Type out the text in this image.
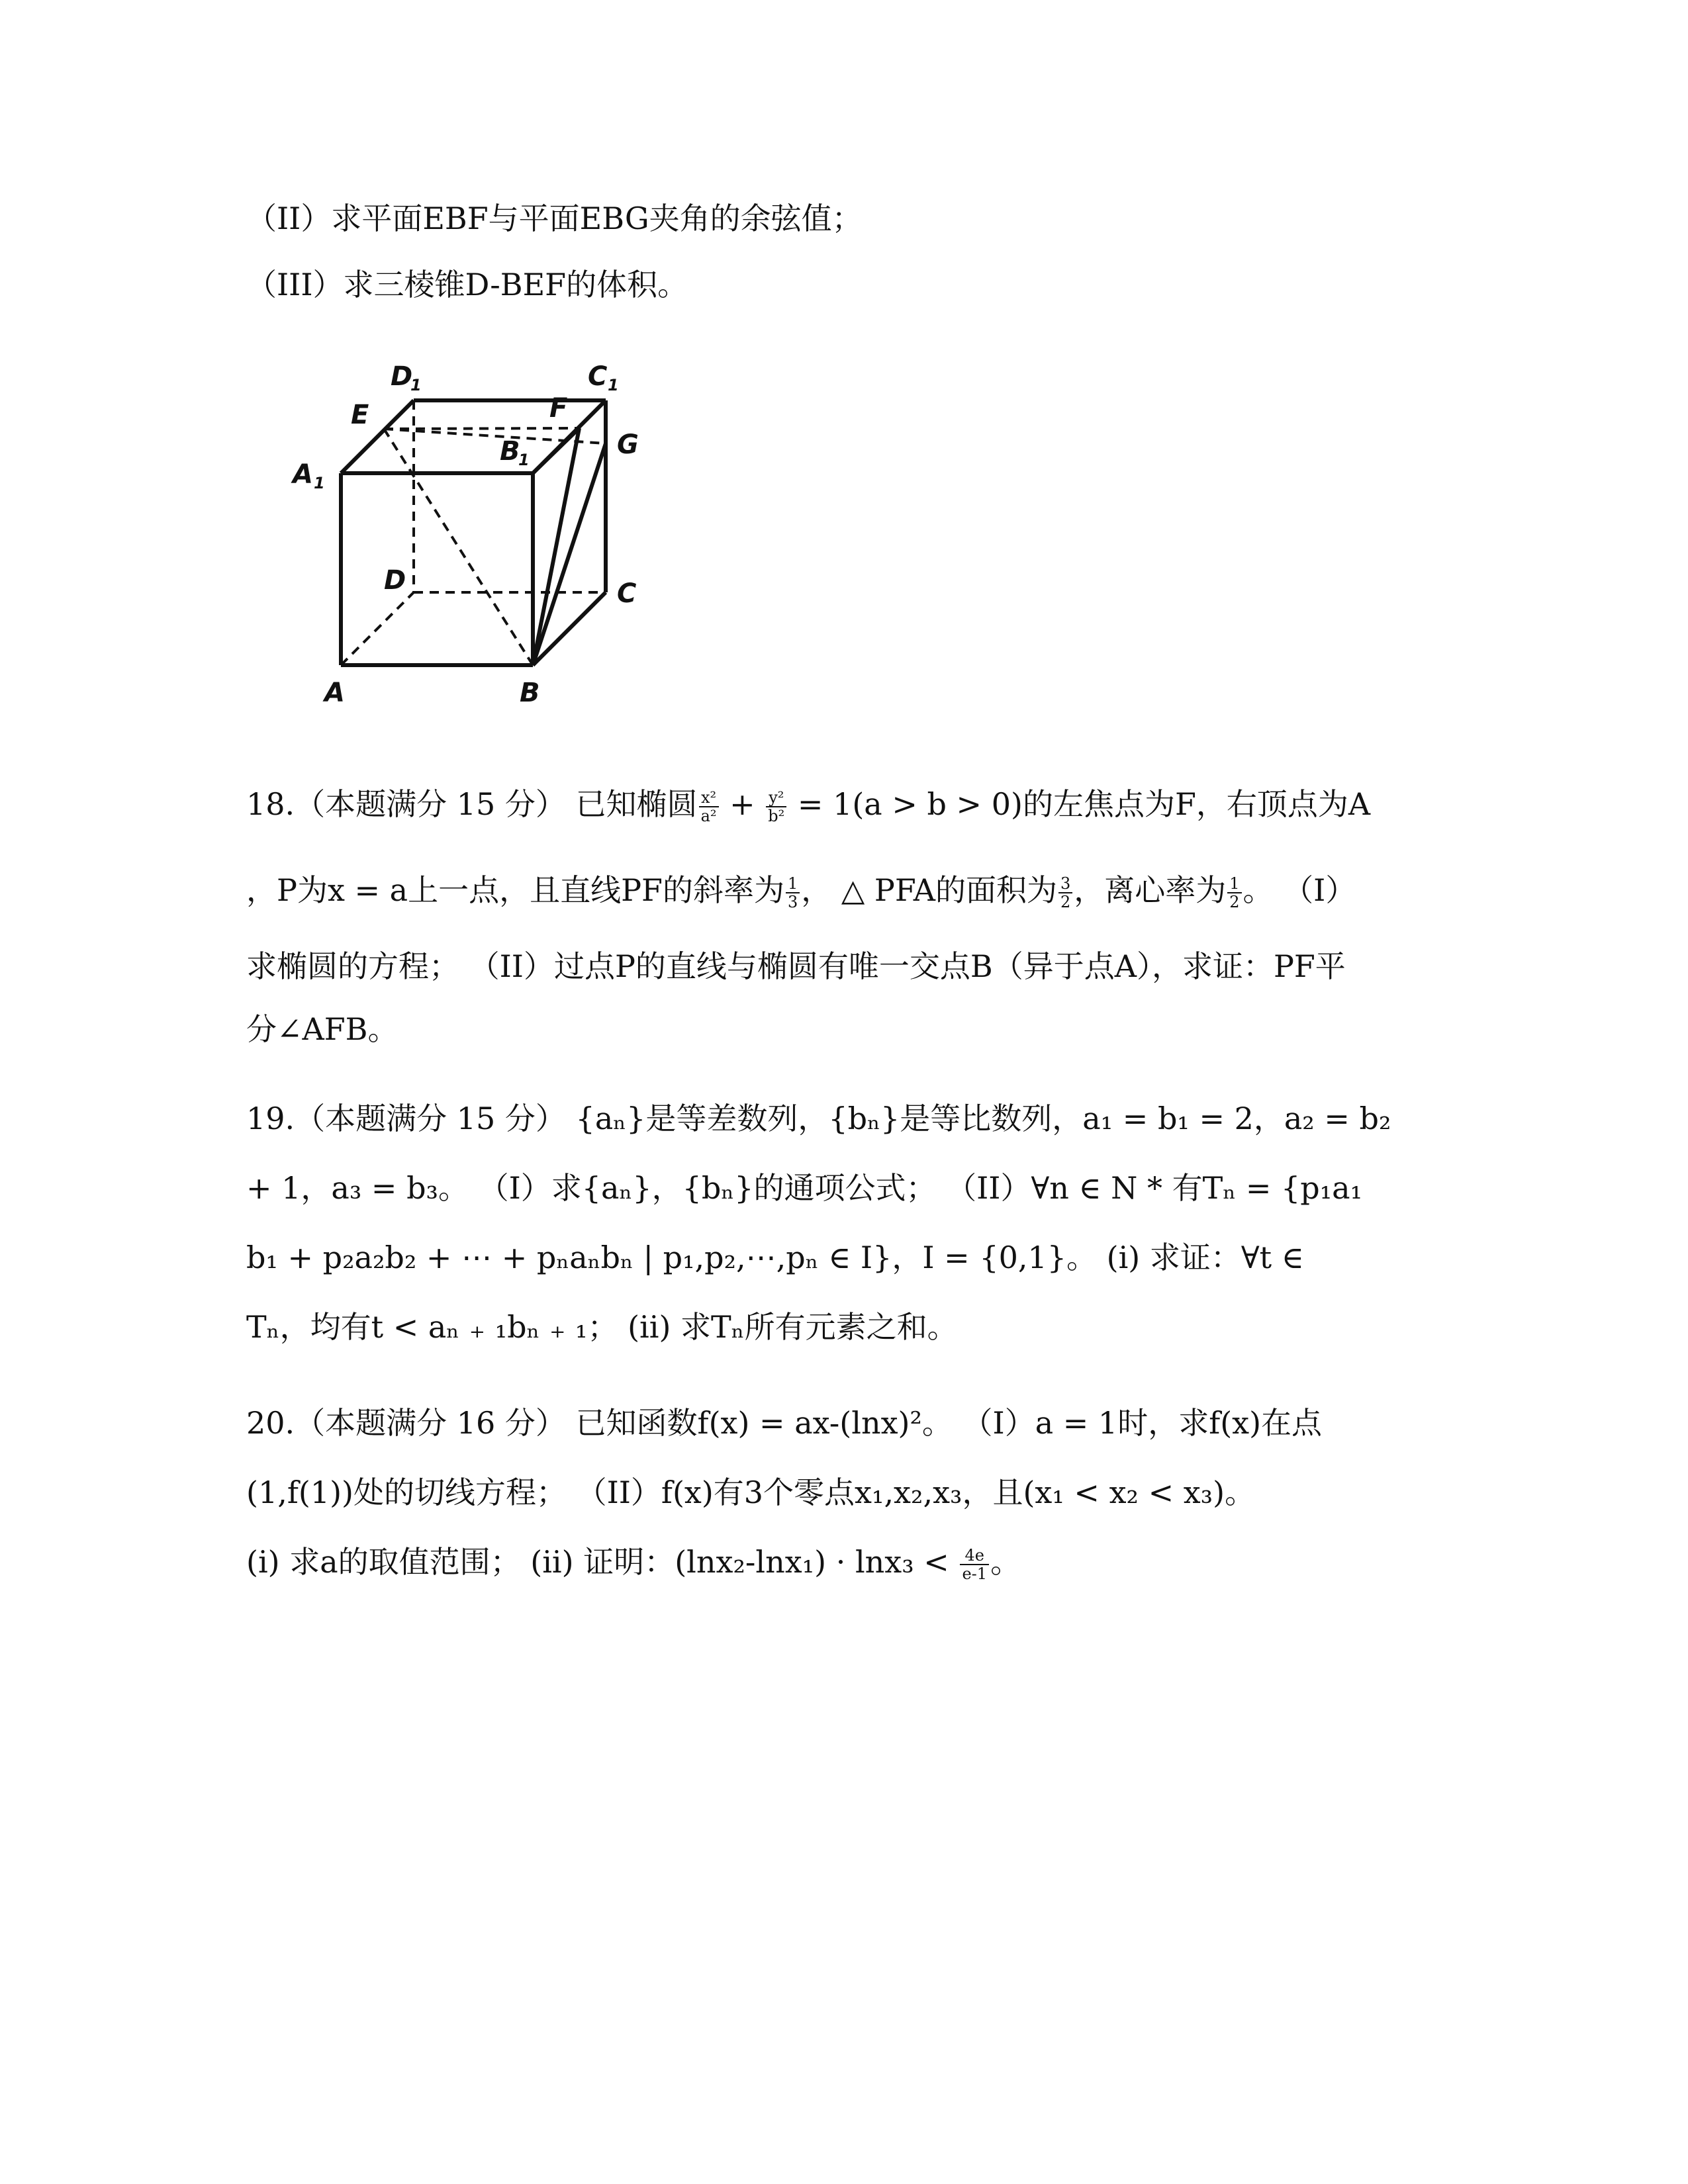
（II）求平面EBF与平面EBG夹角的余弦值；
（III）求三棱锥D-BEF的体积。
D
1	C 1
E	F
B
1	G
A 1
D	C
A	B
18.（本题满分 15 分） 已知椭圆 $\frac{\text{x²}}{\text{a²}} + \frac{\text{y²}}{\text{b²}} = 1(a > b > 0)$的左焦点为F，右顶点为A
，P为x = a上一点，且直线PF的斜率为 $\frac{1}{3}$ ， △ PFA的面积为 $\frac{3}{2}$ ，离心率为 $\frac{1}{2}$ 。 （I）
求椭圆的方程； （II）过点P的直线与椭圆有唯一交点B（异于点A），求证：PF平
分∠AFB。
19.（本题满分 15 分） {aₙ}是等差数列，{bₙ}是等比数列，a₁ = b₁ = 2，a₂ = b₂
+ 1，a₃ = b₃。 （I）求{aₙ}，{bₙ}的通项公式； （II）∀n ∈ N * 有Tₙ = {p₁a₁
b₁ + p₂a₂b₂ + ⋯ + pₙaₙbₙ | p₁,p₂,⋯,pₙ ∈ I}，I = {0,1}。 (i) 求证：∀t ∈
Tₙ，均有t < aₙ ₊ ₁bₙ ₊ ₁； (ii) 求Tₙ所有元素之和。
20.（本题满分 16 分） 已知函数f(x) = ax-(lnx)²。 （I）a = 1时，求f(x)在点
(1,f(1))处的切线方程； （II）f(x)有3个零点x₁,x₂,x₃，且(x₁ < x₂ < x₃)。
(i) 求a的取值范围； (ii) 证明：$(\ln x_2-\ln x_1) \cdot \ln x_3 < \frac{4e}{e-1}$ 。
